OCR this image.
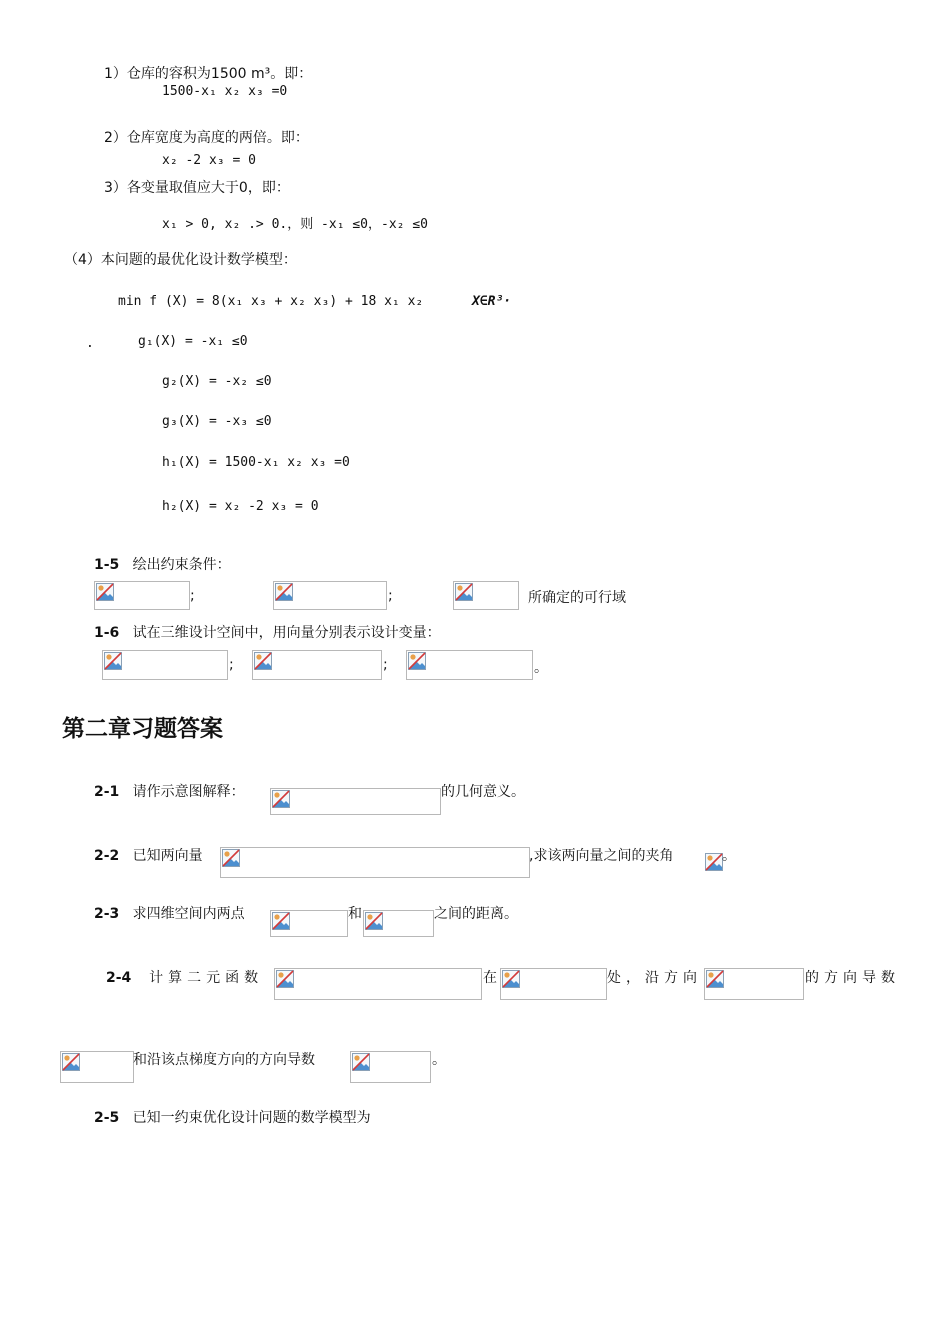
1）仓库的容积为1500 m³。即：
1500-x₁ x₂ x₃ =0
2）仓库宽度为高度的两倍。即：
x₂ -2 x₃ = 0
3）各变量取值应大于0，即：
x₁ > 0, x₂ .> 0.，则 -x₁ ≤0，-x₂ ≤0
（4）本问题的最优化设计数学模型：
min f (X) = 8(x₁ x₃ + x₂ x₃) + 18 x₁ x₂	X∈R³·
.	g₁(X) = -x₁ ≤0
g₂(X) = -x₂ ≤0
g₃(X) = -x₃ ≤0
h₁(X) = 1500-x₁ x₂ x₃ =0
h₂(X) = x₂ -2 x₃ = 0
1-5 绘出约束条件：
;	;	所确定的可行域
1-6 试在三维设计空间中，用向量分别表示设计变量：
;	;	。
第二章习题答案
2-1 请作示意图解释：	的几何意义。
2-2 已知两向量	,求该两向量之间的夹角	。
2-3 求四维空间内两点	和	之间的距离。
2-4 计算二元函数	在	处，沿方向	的方向导数
和沿该点梯度方向的方向导数	。
2-5 已知一约束优化设计问题的数学模型为
